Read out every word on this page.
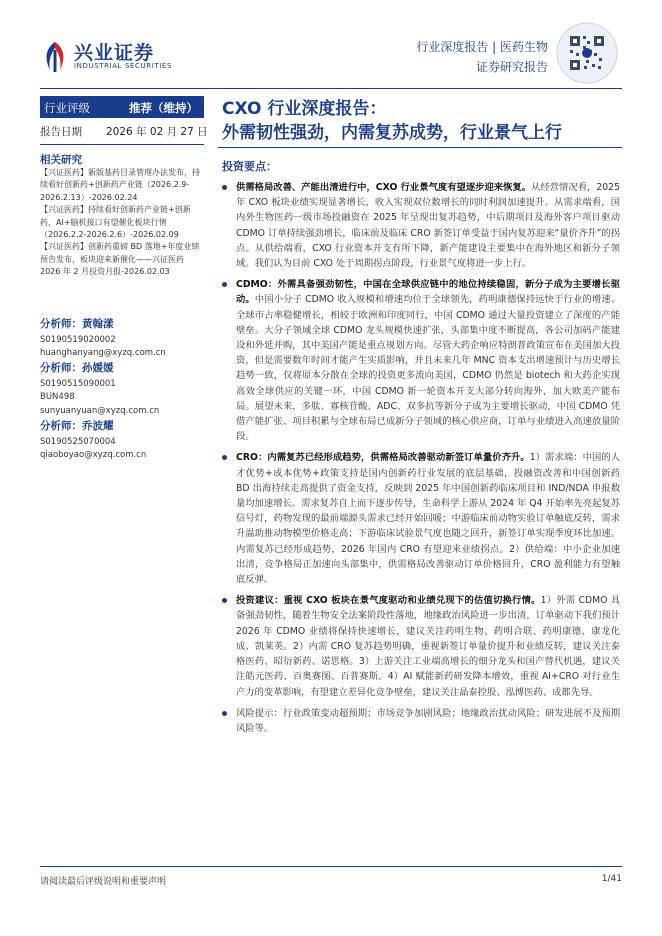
兴业证券
INDUSTRIAL SECURITIES
行业深度报告 | 医药生物
证券研究报告
行业评级	推荐（维持）
报告日期 2026 年 02 月 27 日
相关研究

【兴证医药】新版基药目录管理办法发布，持续看好创新药+创新药产业链（2026.2.9-2026.2.13）-2026.02.24

【兴证医药】持续看好创新药产业链+创新药，AI+脑机接口有望催化板块行情（2026.2.2-2026.2.6）-2026.02.09

【兴证医药】创新药重磅 BD 落地+年度业绩预告发布，板块迎来新催化——兴证医药 2026 年 2 月投资月报-2026.02.03

分析师：黄翰漾
S0190519020002
huanghanyang@xyzq.com.cn
分析师：孙媛媛
S0190515090001
BUN498
sunyuanyuan@xyzq.com.cn
分析师：乔波耀
S0190525070004
qiaoboyao@xyzq.com.cn
CXO 行业深度报告：
外需韧性强劲，内需复苏成势，行业景气上行
投资要点：
供需格局改善、产能出清进行中，CXO 行业景气度有望逐步迎来恢复。从经营情况看，2025 年 CXO 板块业绩实现显著增长，收入实现双位数增长的同时利润加速提升。从需求端看，国内外生物医药一级市场投融资在 2025 年呈现出复苏趋势，中后期项目及海外客户项目驱动 CDMO 订单持续强劲增长，临床前及临床 CRO 新签订单受益于国内复苏迎来“量价齐升”的拐点。从供给端看，CXO 行业资本开支有所下降，新产能建设主要集中在海外地区和新分子领域。我们认为目前 CXO 处于周期拐点阶段，行业景气度将进一步上行。
CDMO：外需具备强劲韧性，中国在全球供应链中的地位持续稳固，新分子成为主要增长驱动。中国小分子 CDMO 收入规模和增速均位于全球领先，药明康德保持远快于行业的增速、全球市占率稳健增长，相较于欧洲和印度同行，中国 CDMO 通过大量投资建立了深度的产能壁垒。大分子领域全球 CDMO 龙头规模快速扩张，头部集中度不断提高，各公司加码产能建设和外延并购，其中美国产能是重点规划方向。尽管大药企响应特朗普政策宣布在美国加大投资，但是需要数年时间才能产生实质影响，并且未来几年 MNC 资本支出增速预计与历史增长趋势一致，仅将原本分散在全球的投资更多流向美国，CDMO 仍然是 biotech 和大药企实现高效全球供应的关键一环，中国 CDMO 新一轮资本开支大部分转向海外，加大欧美产能布局。展望未来，多肽、寡核苷酸、ADC、双多抗等新分子成为主要增长驱动，中国 CDMO 凭借产能扩张、项目积累与全球布局已成新分子领域的核心供应商，订单与业绩进入高速放量阶段。
CRO：内需复苏已经形成趋势，供需格局改善驱动新签订单量价齐升。1）需求端：中国的人才优势+成本优势+政策支持是国内创新药行业发展的底层基础，投融资改善和中国创新药 BD 出海持续走高提供了资金支持，反映到 2025 年中国创新药临床项目和 IND/NDA 申报数量均加速增长。需求复苏自上而下逐步传导，生命科学上游从 2024 年 Q4 开始率先亮起复苏信号灯，药物发现的最前端源头需求已经开始回暖；中游临床前动物实验订单触底反转，需求升温助推动物模型价格走高；下游临床试验景气度也随之回升，新签订单实现季度环比加速。内需复苏已经形成趋势，2026 年国内 CRO 有望迎来业绩拐点。2）供给端：中小企业加速出清，竞争格局正加速向头部集中，供需格局改善驱动订单价格回升，CRO 盈利能力有望触底反弹。
投资建议：重视 CXO 板块在景气度驱动和业绩兑现下的估值切换行情。1）外需 CDMO 具备强劲韧性，随着生物安全法案阶段性落地，地缘政治风险进一步出清，订单驱动下我们预计 2026 年 CDMO 业绩将保持快速增长，建议关注药明生物、药明合联、药明康德、康龙化成、凯莱英。2）内需 CRO 复苏趋势明确，重视新签订单量价提升和业绩反转，建议关注泰格医药、昭衍新药、诺思格。3）上游关注工业端高增长的细分龙头和国产替代机遇，建议关注皓元医药、百奥赛图、百普赛斯。4）AI 赋能新药研发降本增效，重视 AI+CRO 对行业生产力的变革影响，有望建立差异化竞争壁垒，建议关注晶泰控股、泓博医药、成都先导。
风险提示：行业政策变动超预期；市场竞争加剧风险；地缘政治扰动风险；研发进展不及预期风险等。
请阅读最后评级说明和重要声明	1/41
